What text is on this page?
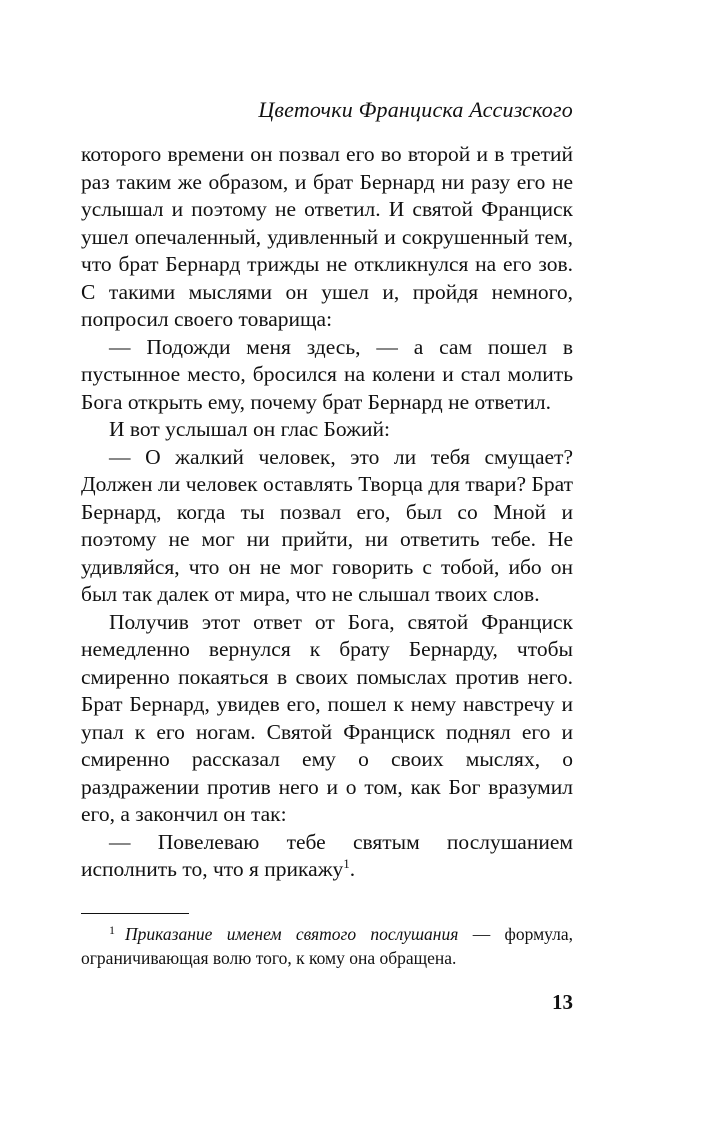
Цветочки Франциска Ассизского

которого времени он позвал его во второй и в третий раз таким же образом, и брат Бернард ни разу его не услышал и поэтому не ответил. И святой Франциск ушел опечаленный, удивленный и сокрушенный тем, что брат Бернард трижды не откликнулся на его зов. С такими мыслями он ушел и, пройдя немного, попросил своего товарища:

— Подожди меня здесь, — а сам пошел в пустынное место, бросился на колени и стал молить Бога открыть ему, почему брат Бернард не ответил.

И вот услышал он глас Божий:

— О жалкий человек, это ли тебя смущает? Должен ли человек оставлять Творца для твари? Брат Бернард, когда ты позвал его, был со Мной и поэтому не мог ни прийти, ни ответить тебе. Не удивляйся, что он не мог говорить с тобой, ибо он был так далек от мира, что не слышал твоих слов.

Получив этот ответ от Бога, святой Франциск немедленно вернулся к брату Бернарду, чтобы смиренно покаяться в своих помыслах против него. Брат Бернард, увидев его, пошел к нему навстречу и упал к его ногам. Святой Франциск поднял его и смиренно рассказал ему о своих мыслях, о раздражении против него и о том, как Бог вразумил его, а закончил он так:

— Повелеваю тебе святым послушанием исполнить то, что я прикажу$^1$.

$^1$ Приказание именем святого послушания — формула, ограничивающая волю того, к кому она обращена.

13
